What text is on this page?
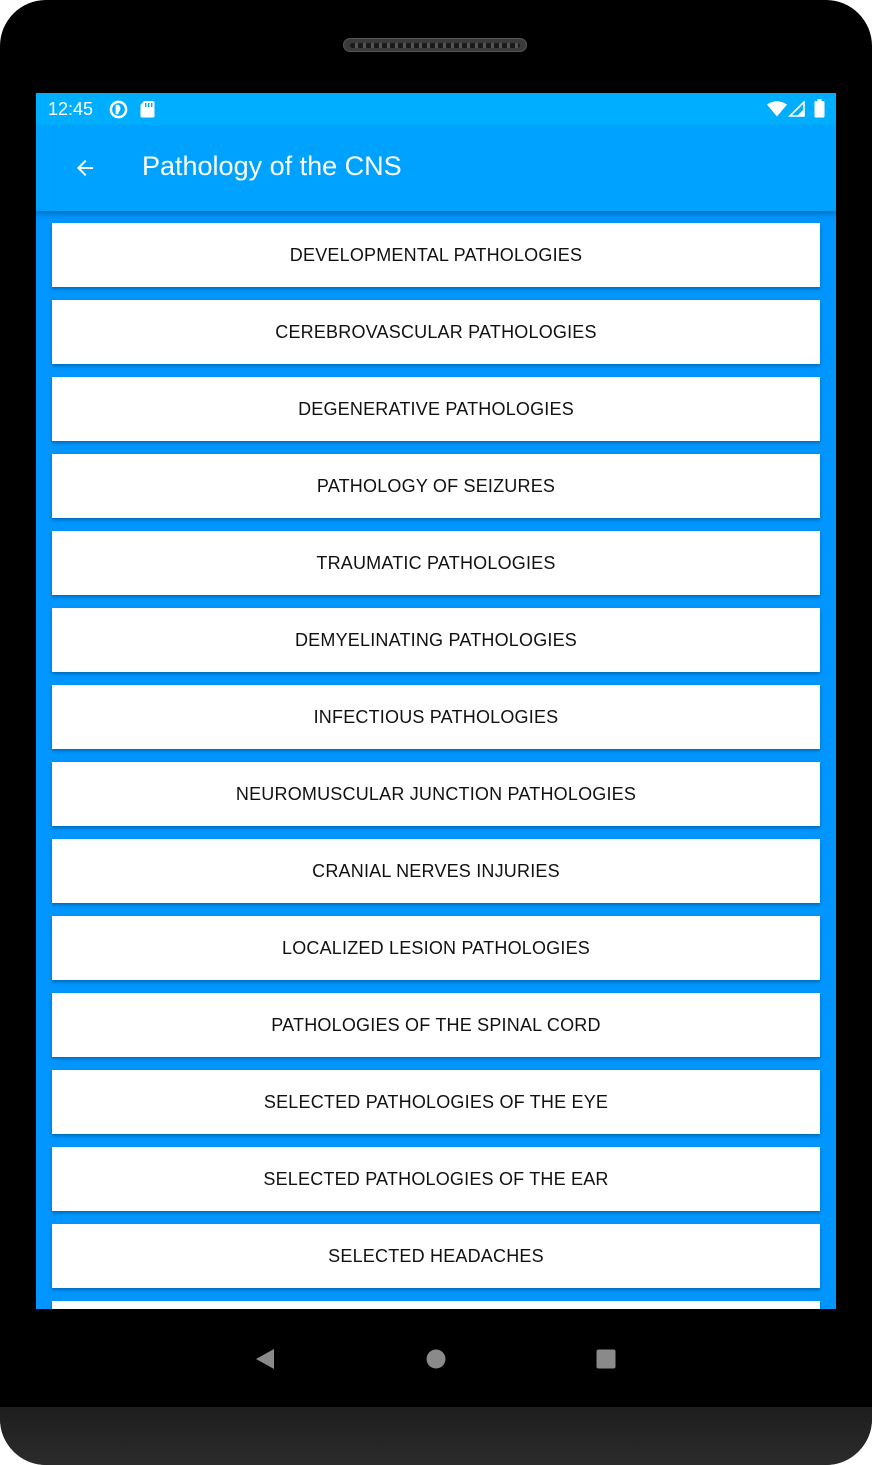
12:45
Pathology of the CNS
DEVELOPMENTAL PATHOLOGIES
CEREBROVASCULAR PATHOLOGIES
DEGENERATIVE PATHOLOGIES
PATHOLOGY OF SEIZURES
TRAUMATIC PATHOLOGIES
DEMYELINATING PATHOLOGIES
INFECTIOUS PATHOLOGIES
NEUROMUSCULAR JUNCTION PATHOLOGIES
CRANIAL NERVES INJURIES
LOCALIZED LESION PATHOLOGIES
PATHOLOGIES OF THE SPINAL CORD
SELECTED PATHOLOGIES OF THE EYE
SELECTED PATHOLOGIES OF THE EAR
SELECTED HEADACHES
